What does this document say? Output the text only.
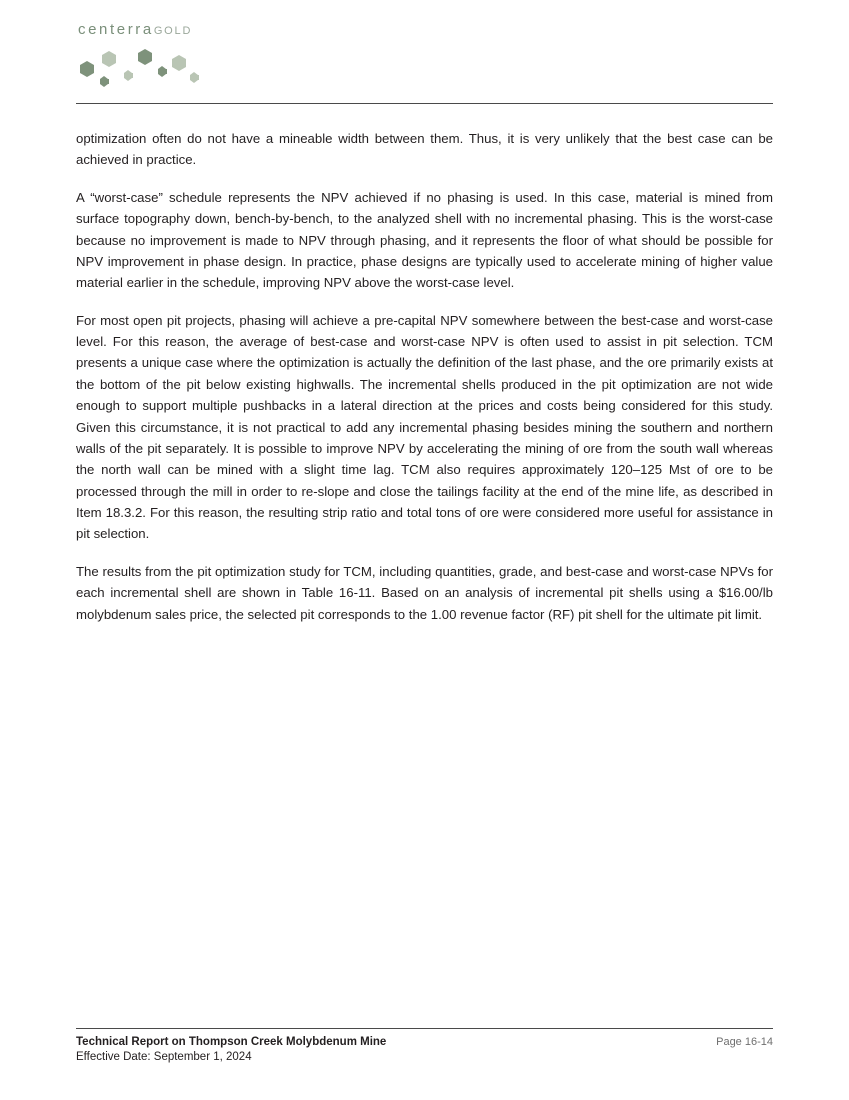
centerraGOLD

optimization often do not have a mineable width between them. Thus, it is very unlikely that the best case can be achieved in practice.

A “worst-case” schedule represents the NPV achieved if no phasing is used. In this case, material is mined from surface topography down, bench-by-bench, to the analyzed shell with no incremental phasing. This is the worst-case because no improvement is made to NPV through phasing, and it represents the floor of what should be possible for NPV improvement in phase design. In practice, phase designs are typically used to accelerate mining of higher value material earlier in the schedule, improving NPV above the worst-case level.

For most open pit projects, phasing will achieve a pre-capital NPV somewhere between the best-case and worst-case level. For this reason, the average of best-case and worst-case NPV is often used to assist in pit selection. TCM presents a unique case where the optimization is actually the definition of the last phase, and the ore primarily exists at the bottom of the pit below existing highwalls. The incremental shells produced in the pit optimization are not wide enough to support multiple pushbacks in a lateral direction at the prices and costs being considered for this study. Given this circumstance, it is not practical to add any incremental phasing besides mining the southern and northern walls of the pit separately. It is possible to improve NPV by accelerating the mining of ore from the south wall whereas the north wall can be mined with a slight time lag. TCM also requires approximately 120–125 Mst of ore to be processed through the mill in order to re-slope and close the tailings facility at the end of the mine life, as described in Item 18.3.2. For this reason, the resulting strip ratio and total tons of ore were considered more useful for assistance in pit selection.

The results from the pit optimization study for TCM, including quantities, grade, and best-case and worst-case NPVs for each incremental shell are shown in Table 16-11. Based on an analysis of incremental pit shells using a $16.00/lb molybdenum sales price, the selected pit corresponds to the 1.00 revenue factor (RF) pit shell for the ultimate pit limit.

Technical Report on Thompson Creek Molybdenum Mine	Page 16-14
Effective Date: September 1, 2024
